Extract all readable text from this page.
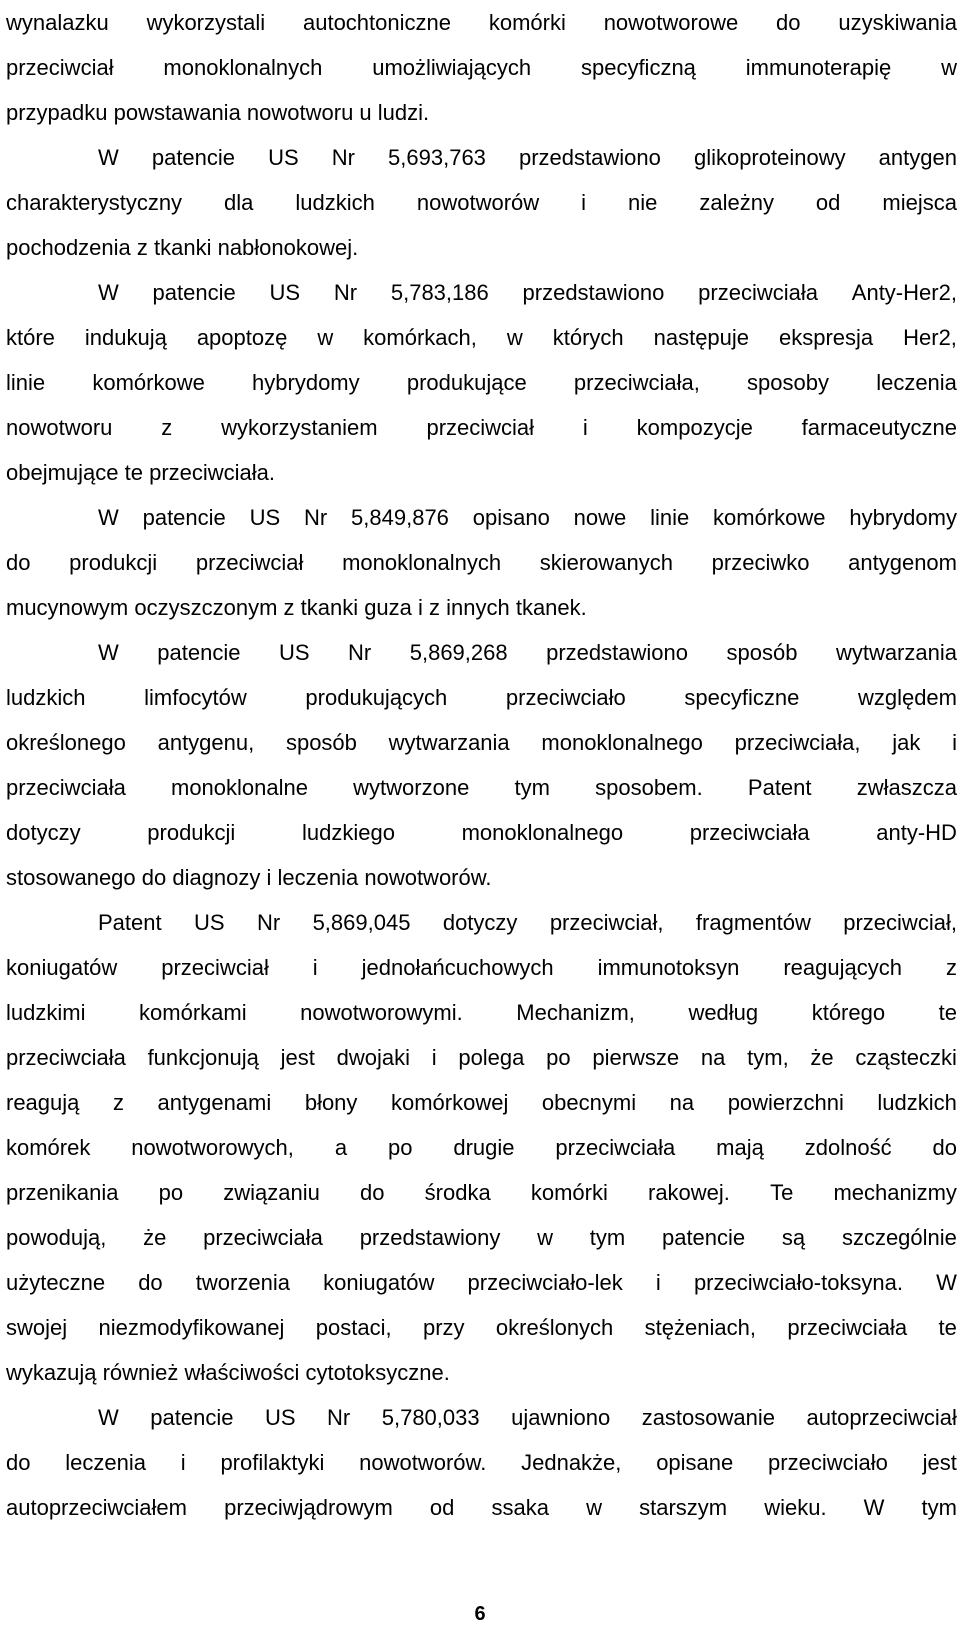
wynalazku wykorzystali autochtoniczne komórki nowotworowe do uzyskiwania
przeciwciał monoklonalnych umożliwiających specyficzną immunoterapię w
przypadku powstawania nowotworu u ludzi.
W patencie US Nr 5,693,763 przedstawiono glikoproteinowy antygen
charakterystyczny dla ludzkich nowotworów i nie zależny od miejsca
pochodzenia z tkanki nabłonokowej.
W patencie US Nr 5,783,186 przedstawiono przeciwciała Anty-Her2,
które indukują apoptozę w komórkach, w których następuje ekspresja Her2,
linie komórkowe hybrydomy produkujące przeciwciała, sposoby leczenia
nowotworu z wykorzystaniem przeciwciał i kompozycje farmaceutyczne
obejmujące te przeciwciała.
W patencie US Nr 5,849,876 opisano nowe linie komórkowe hybrydomy
do produkcji przeciwciał monoklonalnych skierowanych przeciwko antygenom
mucynowym oczyszczonym z tkanki guza i z innych tkanek.
W patencie US Nr 5,869,268 przedstawiono sposób wytwarzania
ludzkich	limfocytów	produkujących	przeciwciało	specyficzne	względem
określonego antygenu, sposób wytwarzania monoklonalnego przeciwciała, jak i
przeciwciała monoklonalne wytworzone tym sposobem. Patent zwłaszcza
dotyczy	produkcji	ludzkiego	monoklonalnego	przeciwciała	anty-HD
stosowanego do diagnozy i leczenia nowotworów.
Patent US Nr 5,869,045 dotyczy przeciwciał, fragmentów przeciwciał,
koniugatów przeciwciał i jednołańcuchowych immunotoksyn reagujących z
ludzkimi komórkami nowotworowymi. Mechanizm, według którego te
przeciwciała funkcjonują jest dwojaki i polega po pierwsze na tym, że cząsteczki
reagują z antygenami błony komórkowej obecnymi na powierzchni ludzkich
komórek nowotworowych, a po drugie przeciwciała mają zdolność do
przenikania po związaniu do środka komórki rakowej. Te mechanizmy
powodują, że przeciwciała przedstawiony w tym patencie są szczególnie
użyteczne do tworzenia koniugatów przeciwciało-lek i przeciwciało-toksyna. W
swojej niezmodyfikowanej postaci, przy określonych stężeniach, przeciwciała te
wykazują również właściwości cytotoksyczne.
W patencie US Nr 5,780,033 ujawniono zastosowanie autoprzeciwciał
do leczenia i profilaktyki nowotworów. Jednakże, opisane przeciwciało jest
autoprzeciwciałem przeciwjądrowym od ssaka w starszym wieku. W tym
6
